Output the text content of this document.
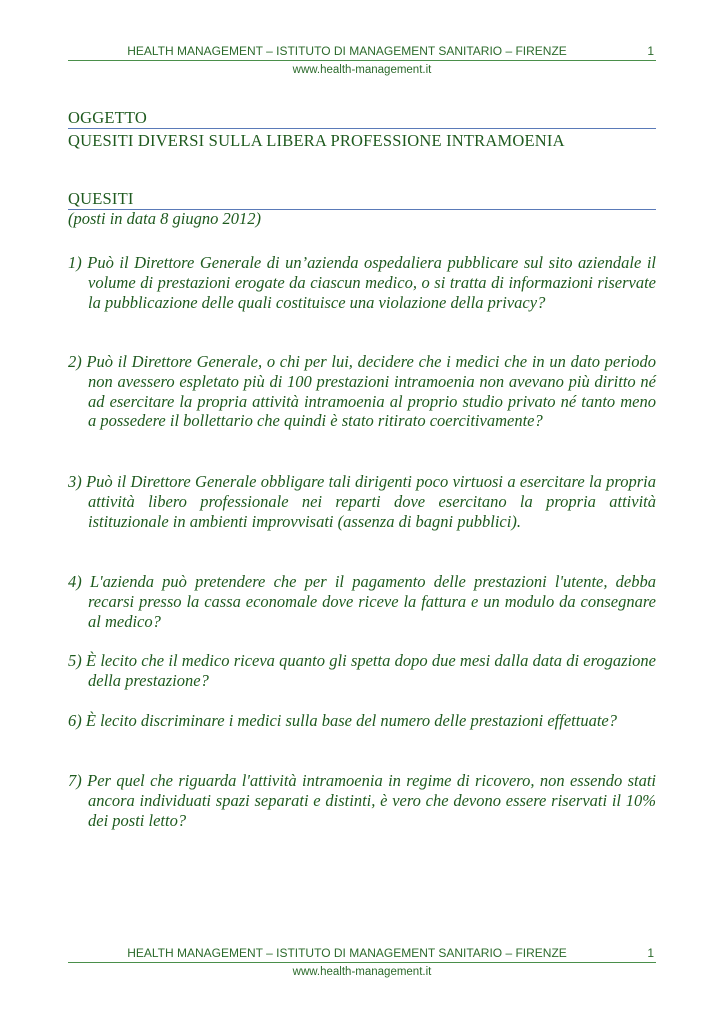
HEALTH MANAGEMENT – ISTITUTO DI MANAGEMENT SANITARIO – FIRENZE	1
www.health-management.it
OGGETTO
QUESITI DIVERSI SULLA LIBERA PROFESSIONE INTRAMOENIA
QUESITI
(posti in data 8 giugno 2012)
1) Può il Direttore Generale di un’azienda ospedaliera pubblicare sul sito aziendale il volume di prestazioni erogate da ciascun medico, o si tratta di informazioni riservate la pubblicazione delle quali costituisce una violazione della privacy?
2) Può il Direttore Generale, o chi per lui, decidere che i medici che in un dato periodo non avessero espletato più di 100 prestazioni intramoenia non avevano più diritto né ad esercitare la propria attività intramoenia al proprio studio privato né tanto meno a possedere il bollettario che quindi è stato ritirato coercitivamente?
3) Può il Direttore Generale obbligare tali dirigenti poco virtuosi a esercitare la propria attività libero professionale nei reparti dove esercitano la propria attività istituzionale in ambienti improvvisati (assenza di bagni pubblici).
4) L'azienda può pretendere che per il pagamento delle prestazioni l'utente, debba recarsi presso la cassa economale dove riceve la fattura e un modulo da consegnare al medico?
5) È lecito che il medico riceva quanto gli spetta dopo due mesi dalla data di erogazione della prestazione?
6) È lecito discriminare i medici sulla base del numero delle prestazioni effettuate?
7) Per quel che riguarda l'attività intramoenia in regime di ricovero, non essendo stati ancora individuati spazi separati e distinti, è vero che devono essere riservati il 10% dei posti letto?
HEALTH MANAGEMENT – ISTITUTO DI MANAGEMENT SANITARIO – FIRENZE	1
www.health-management.it
